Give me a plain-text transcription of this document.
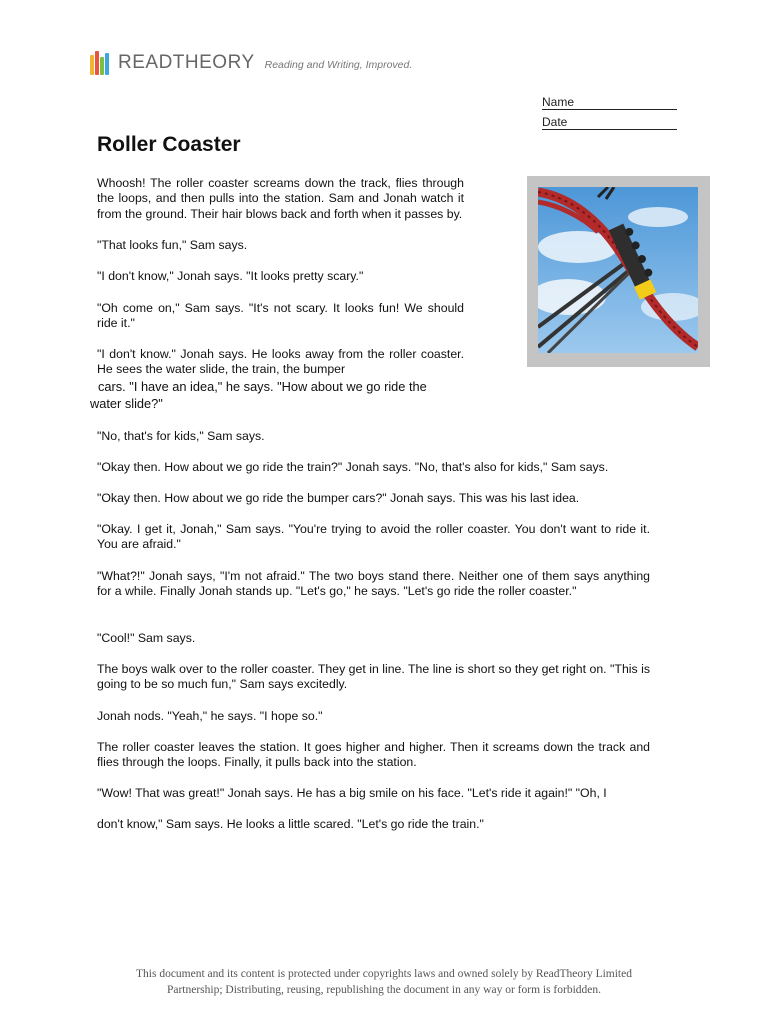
READTHEORY Reading and Writing, Improved.
Name
Date
Roller Coaster

Whoosh! The roller coaster screams down the track, flies through the loops, and then pulls into the station. Sam and Jonah watch it from the ground. Their hair blows back and forth when it passes by.

"That looks fun," Sam says.

"I don't know," Jonah says. "It looks pretty scary."

"Oh come on," Sam says. "It's not scary. It looks fun! We should ride it."

"I don't know." Jonah says. He looks away from the roller coaster. He sees the water slide, the train, the bumper

cars. "I have an idea," he says. "How about we go ride the

water slide?"

"No, that's for kids," Sam says.

"Okay then. How about we go ride the train?" Jonah says. "No, that's also for kids," Sam says.

"Okay then. How about we go ride the bumper cars?" Jonah says. This was his last idea.

"Okay. I get it, Jonah," Sam says. "You're trying to avoid the roller coaster. You don't want to ride it. You are afraid."

"What?!" Jonah says, "I'm not afraid." The two boys stand there. Neither one of them says anything for a while. Finally Jonah stands up. "Let's go," he says. "Let's go ride the roller coaster."

"Cool!" Sam says.

The boys walk over to the roller coaster. They get in line. The line is short so they get right on. "This is going to be so much fun," Sam says excitedly.

Jonah nods. "Yeah," he says. "I hope so."

The roller coaster leaves the station. It goes higher and higher. Then it screams down the track and flies through the loops. Finally, it pulls back into the station.

"Wow! That was great!" Jonah says. He has a big smile on his face. "Let's ride it again!" "Oh, I

don't know," Sam says. He looks a little scared. "Let's go ride the train."

This document and its content is protected under copyrights laws and owned solely by ReadTheory Limited
Partnership; Distributing, reusing, republishing the document in any way or form is forbidden.
